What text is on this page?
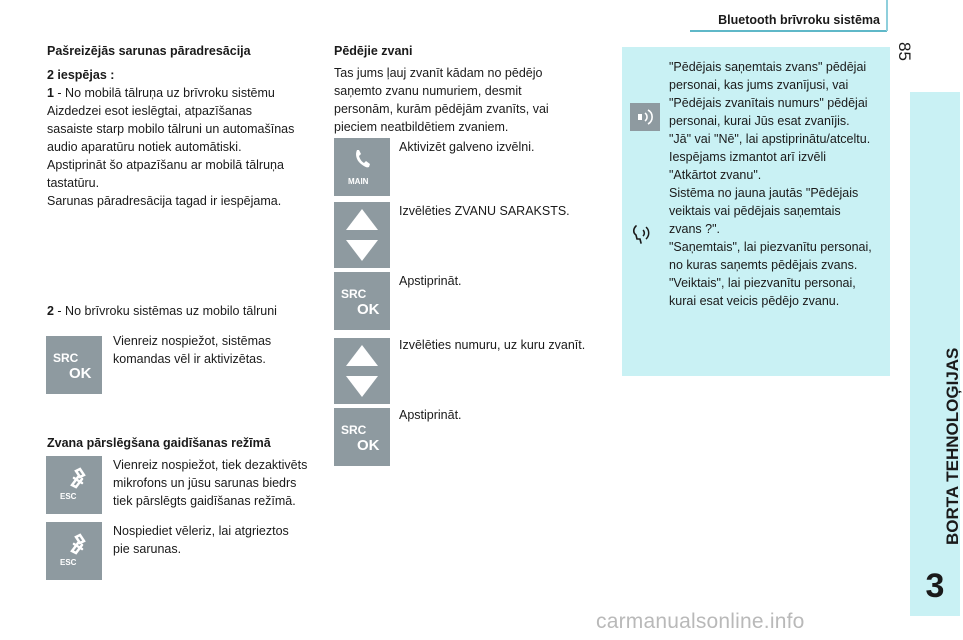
Bluetooth brīvroku sistēma
85
BORTA TEHNOLOĢIJAS
3
Pašreizējās sarunas pāradresācija
2 iespējas :
1 - No mobilā tālruņa uz brīvroku sistēmu
Aizdedzei esot ieslēgtai, atpazīšanas
sasaiste starp mobilo tālruni un automašīnas
audio aparatūru notiek automātiski.
Apstiprināt šo atpazīšanu ar mobilā tālruņa
tastatūru.
Sarunas pāradresācija tagad ir iespējama.
2 - No brīvroku sistēmas uz mobilo tālruni
SRC
OK
Vienreiz nospiežot, sistēmas
komandas vēl ir aktivizētas.
Zvana pārslēgšana gaidīšanas režīmā
ESC
Vienreiz nospiežot, tiek dezaktivēts
mikrofons un jūsu sarunas biedrs
tiek pārslēgts gaidīšanas režīmā.
ESC
Nospiediet vēleriz, lai atgrieztos
pie sarunas.
Pēdējie zvani
Tas jums ļauj zvanīt kādam no pēdējo
saņemto zvanu numuriem, desmit
personām, kurām pēdējām zvanīts, vai
pieciem neatbildētiem zvaniem.
MAIN
Aktivizēt galveno izvēlni.
Izvēlēties ZVANU SARAKSTS.
SRC
OK
Apstiprināt.
Izvēlēties numuru, uz kuru zvanīt.
SRC
OK
Apstiprināt.
"Pēdējais saņemtais zvans" pēdējai
personai, kas jums zvanījusi, vai
"Pēdējais zvanītais numurs" pēdējai
personai, kurai Jūs esat zvanījis.
"Jā" vai "Nē", lai apstiprinātu/atceltu.
Iespējams izmantot arī izvēli
"Atkārtot zvanu".
Sistēma no jauna jautās "Pēdējais
veiktais vai pēdējais saņemtais
zvans ?".
"Saņemtais", lai piezvanītu personai,
no kuras saņemts pēdējais zvans.
"Veiktais", lai piezvanītu personai,
kurai esat veicis pēdējo zvanu.
carmanualsonline.info
